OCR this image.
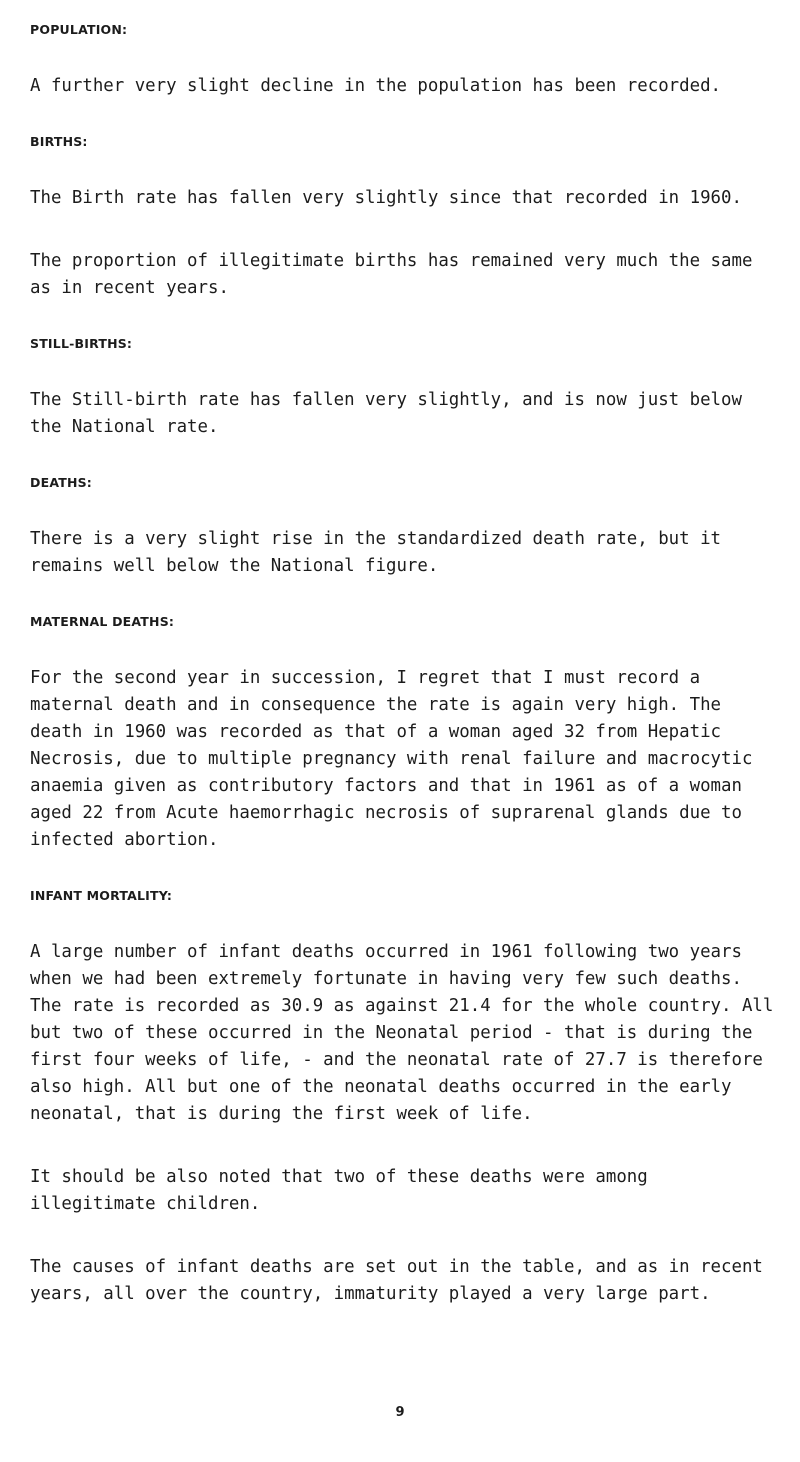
POPULATION:

A further very slight decline in the population has been recorded.

BIRTHS:

The Birth rate has fallen very slightly since that recorded in 1960.

The proportion of illegitimate births has remained very much the same as in recent years.

STILL-BIRTHS:

The Still-birth rate has fallen very slightly, and is now just below the National rate.

DEATHS:

There is a very slight rise in the standardized death rate, but it remains well below the National figure.

MATERNAL DEATHS:

For the second year in succession, I regret that I must record a maternal death and in consequence the rate is again very high. The death in 1960 was recorded as that of a woman aged 32 from Hepatic Necrosis, due to multiple pregnancy with renal failure and macrocytic anaemia given as contributory factors and that in 1961 as of a woman aged 22 from Acute haemorrhagic necrosis of suprarenal glands due to infected abortion.

INFANT MORTALITY:

A large number of infant deaths occurred in 1961 following two years when we had been extremely fortunate in having very few such deaths. The rate is recorded as 30.9 as against 21.4 for the whole country. All but two of these occurred in the Neonatal period - that is during the first four weeks of life, - and the neonatal rate of 27.7 is therefore also high. All but one of the neonatal deaths occurred in the early neonatal, that is during the first week of life.

It should be also noted that two of these deaths were among illegitimate children.

The causes of infant deaths are set out in the table, and as in recent years, all over the country, immaturity played a very large part.

9
